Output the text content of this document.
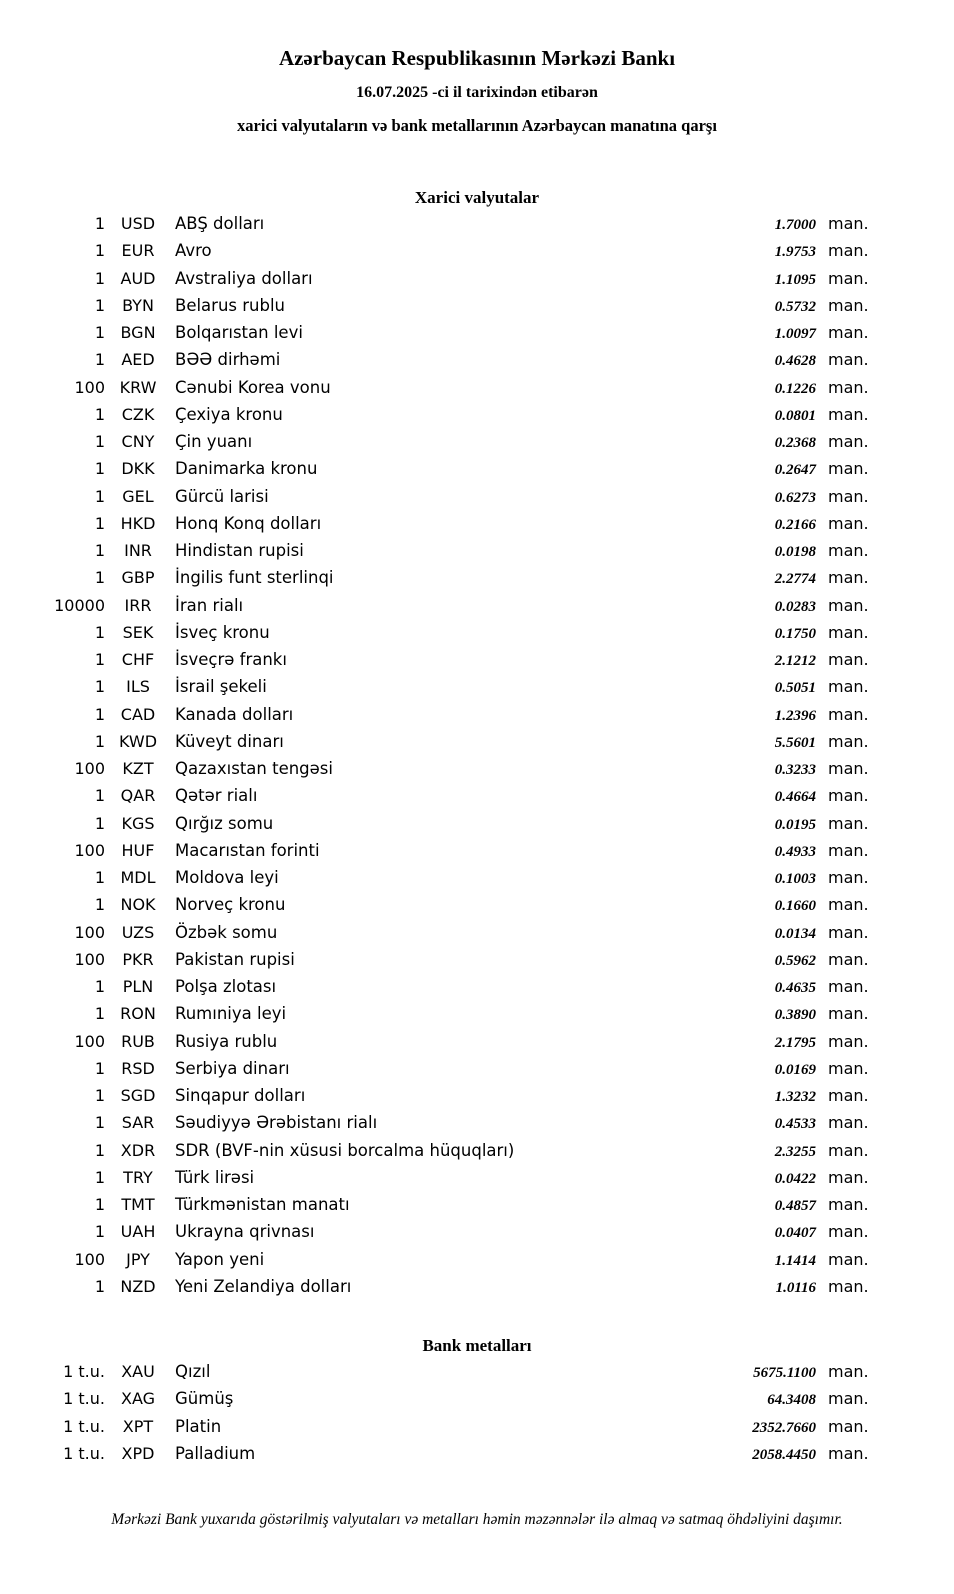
Azərbaycan Respublikasının Mərkəzi Bankı
16.07.2025 -ci il tarixindən etibarən
xarici valyutaların və bank metallarının Azərbaycan manatına qarşı
Xarici valyutalar
1 USD	ABŞ dolları	1.7000 man.
1	EUR	Avro	1.9753 man.
1 AUD	Avstraliya dolları	1.1095 man.
1	BYN	Belarus rublu	0.5732 man.
1 BGN	Bolqarıstan levi	1.0097 man.
1	AED	BƏƏ dirhəmi	0.4628 man.
100 KRW	Cənubi Korea vonu	0.1226 man.
1	CZK	Çexiya kronu	0.0801 man.
1	CNY	Çin yuanı	0.2368 man.
1	DKK	Danimarka kronu	0.2647 man.
1	GEL	Gürcü larisi	0.6273 man.
1 HKD	Honq Konq dolları	0.2166 man.
1	INR	Hindistan rupisi	0.0198 man.
1	GBP	İngilis funt sterlinqi	2.2774 man.
10000	IRR	İran rialı	0.0283 man.
1	SEK	İsveç kronu	0.1750 man.
1	CHF	İsveçrə frankı	2.1212 man.
1	ILS	İsrail şekeli	0.5051 man.
1 CAD	Kanada dolları	1.2396 man.
1 KWD	Küveyt dinarı	5.5601 man.
100	KZT	Qazaxıstan tengəsi	0.3233 man.
1 QAR	Qətər rialı	0.4664 man.
1	KGS	Qırğız somu	0.0195 man.
100	HUF	Macarıstan forinti	0.4933 man.
1 MDL	Moldova leyi	0.1003 man.
1 NOK	Norveç kronu	0.1660 man.
100	UZS	Özbək somu	0.0134 man.
100	PKR	Pakistan rupisi	0.5962 man.
1	PLN	Polşa zlotası	0.4635 man.
1 RON	Rumıniya leyi	0.3890 man.
100	RUB	Rusiya rublu	2.1795 man.
1	RSD	Serbiya dinarı	0.0169 man.
1 SGD	Sinqapur dolları	1.3232 man.
1	SAR	Səudiyyə Ərəbistanı rialı	0.4533 man.
1 XDR	SDR (BVF-nin xüsusi borcalma hüquqları)	2.3255 man.
1	TRY	Türk lirəsi	0.0422 man.
1	TMT	Türkmənistan manatı	0.4857 man.
1 UAH	Ukrayna qrivnası	0.0407 man.
100	JPY	Yapon yeni	1.1414 man.
1 NZD	Yeni Zelandiya dolları	1.0116 man.
Bank metalları
1 t.u.	XAU	Qızıl	5675.1100 man.
1 t.u. XAG	Gümüş	64.3408 man.
1 t.u.	XPT	Platin	2352.7660 man.
1 t.u.	XPD	Palladium	2058.4450 man.
Mərkəzi Bank yuxarıda göstərilmiş valyutaları və metalları həmin məzənnələr ilə almaq və satmaq öhdəliyini daşımır.
